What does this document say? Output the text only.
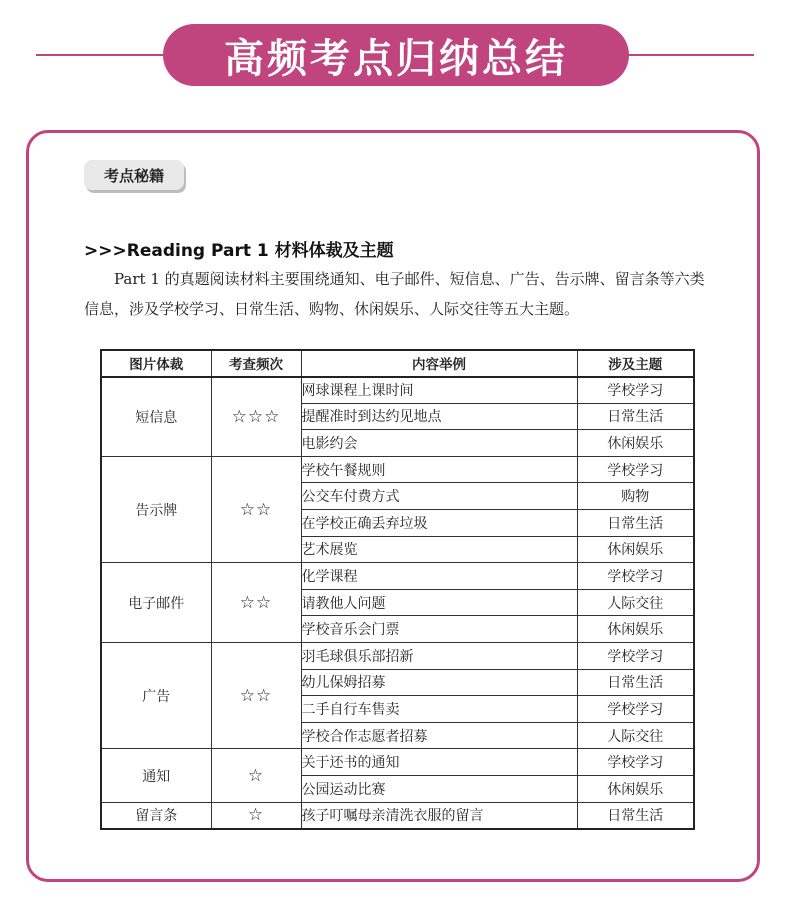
高频考点归纳总结
考点秘籍
>>>Reading Part 1 材料体裁及主题
Part 1 的真题阅读材料主要围绕通知、电子邮件、短信息、广告、告示牌、留言条等六类信息，涉及学校学习、日常生活、购物、休闲娱乐、人际交往等五大主题。
图片体裁	考查频次	内容举例	涉及主题
短信息	☆☆☆	网球课程上课时间	学校学习
		提醒准时到达约见地点	日常生活
		电影约会	休闲娱乐
告示牌	☆☆	学校午餐规则	学校学习
		公交车付费方式	购物
		在学校正确丢弃垃圾	日常生活
		艺术展览	休闲娱乐
电子邮件	☆☆	化学课程	学校学习
		请教他人问题	人际交往
		学校音乐会门票	休闲娱乐
广告	☆☆	羽毛球俱乐部招新	学校学习
		幼儿保姆招募	日常生活
		二手自行车售卖	学校学习
		学校合作志愿者招募	人际交往
通知	☆	关于还书的通知	学校学习
		公园运动比赛	休闲娱乐
留言条	☆	孩子叮嘱母亲清洗衣服的留言	日常生活
